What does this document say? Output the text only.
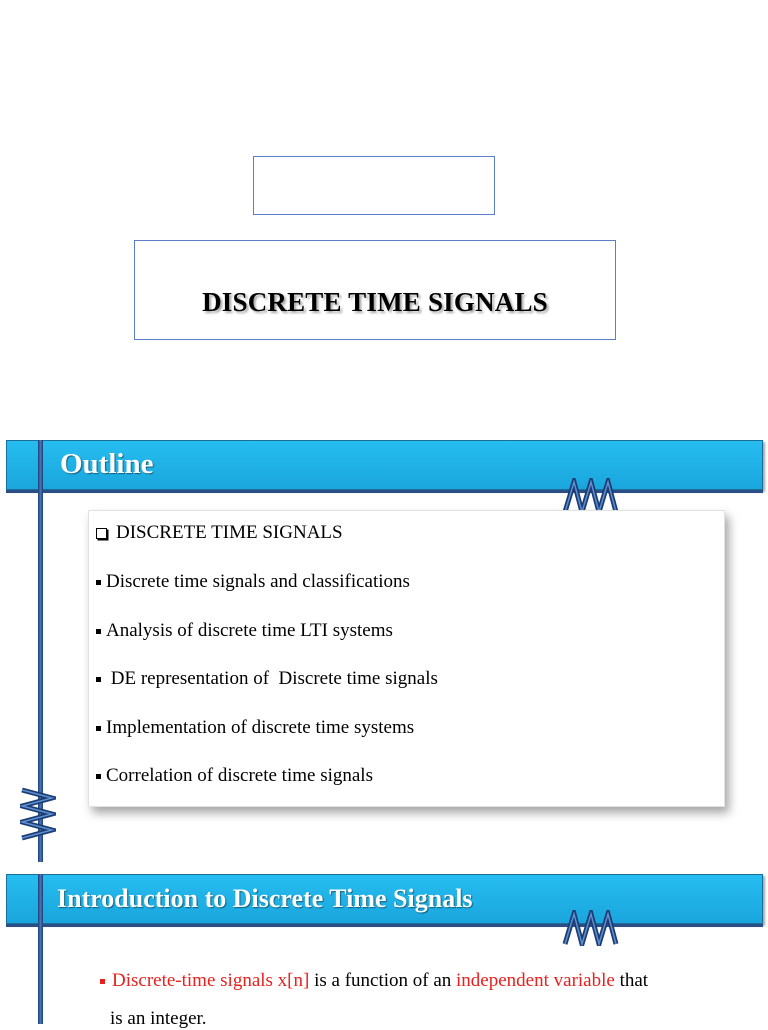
DISCRETE TIME SIGNALS
Outline
DISCRETE TIME SIGNALS
Discrete time signals and classifications
Analysis of discrete time LTI systems
DE representation of  Discrete time signals
Implementation of discrete time systems
Correlation of discrete time signals
Introduction to Discrete Time Signals
Discrete-time signals x[n] is a function of an independent variable that
is an integer.
